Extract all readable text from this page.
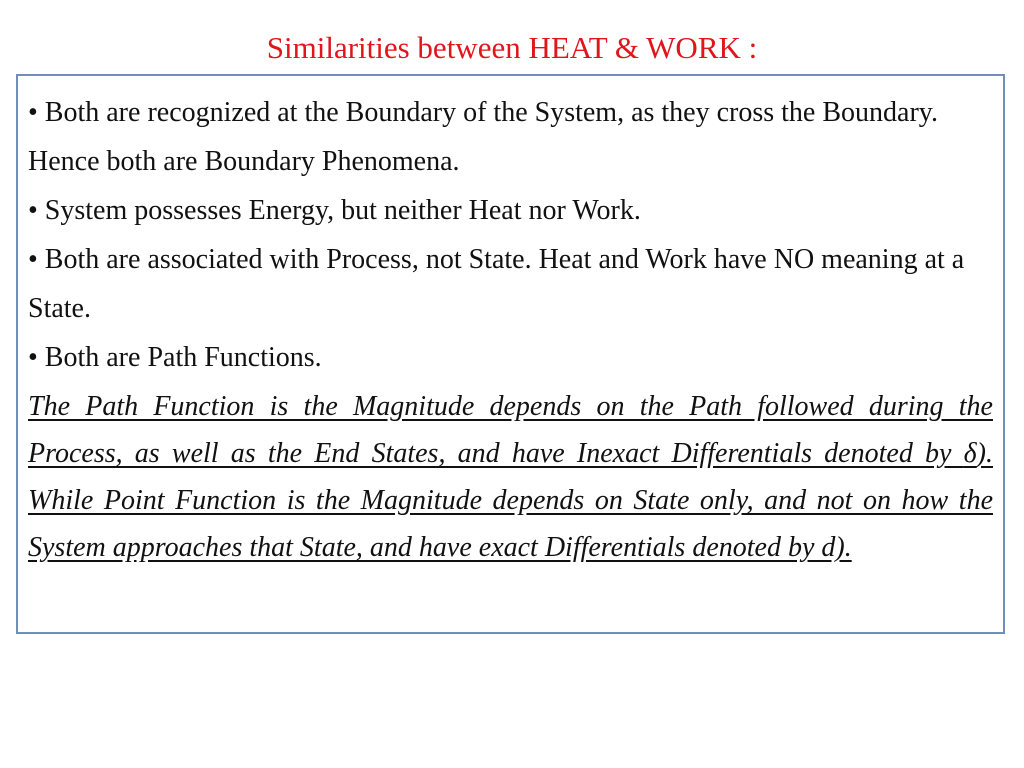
Similarities between HEAT & WORK :

• Both are recognized at the Boundary of the System, as they cross the Boundary. Hence both are Boundary Phenomena.

• System possesses Energy, but neither Heat nor Work.

• Both are associated with Process, not State. Heat and Work have NO meaning at a State.

• Both are Path Functions.

The Path Function is the Magnitude depends on the Path followed during the Process, as well as the End States, and have Inexact Differentials denoted by δ). While Point Function is the Magnitude depends on State only, and not on how the System approaches that State, and have exact Differentials denoted by d).
